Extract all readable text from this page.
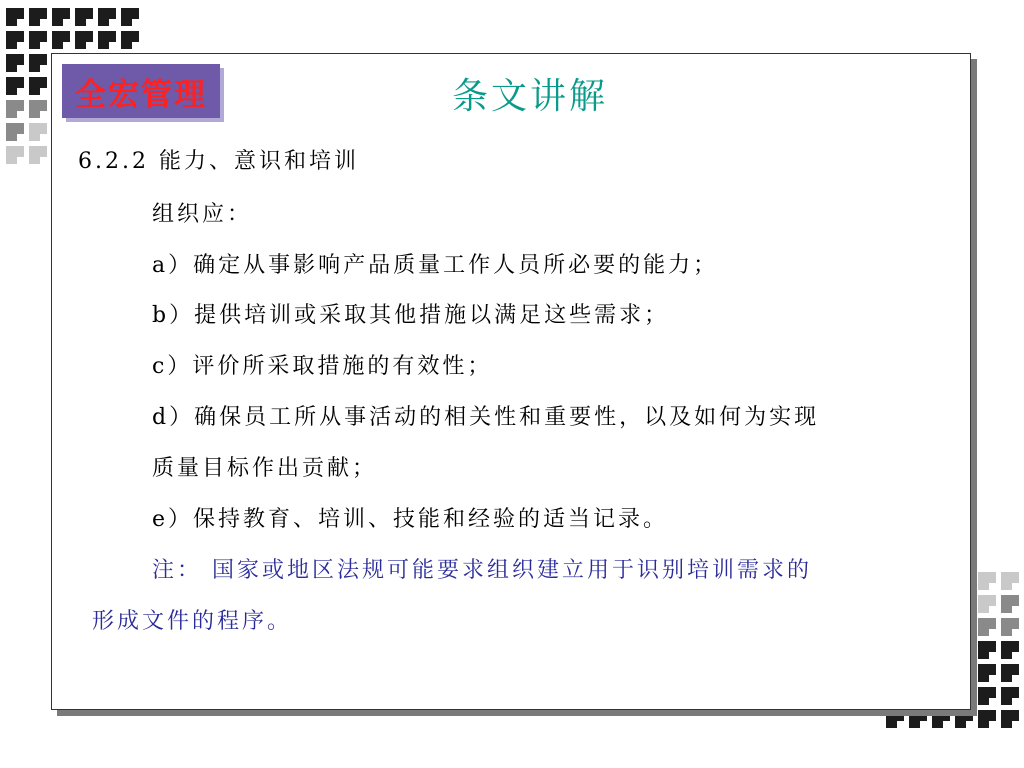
全宏管理	条文讲解
6.2.2 能力、意识和培训
组织应：
a）确定从事影响产品质量工作人员所必要的能力；
b）提供培训或采取其他措施以满足这些需求；
c）评价所采取措施的有效性；
d）确保员工所从事活动的相关性和重要性，以及如何为实现
质量目标作出贡献；
e）保持教育、培训、技能和经验的适当记录。
注： 国家或地区法规可能要求组织建立用于识别培训需求的
形成文件的程序。
